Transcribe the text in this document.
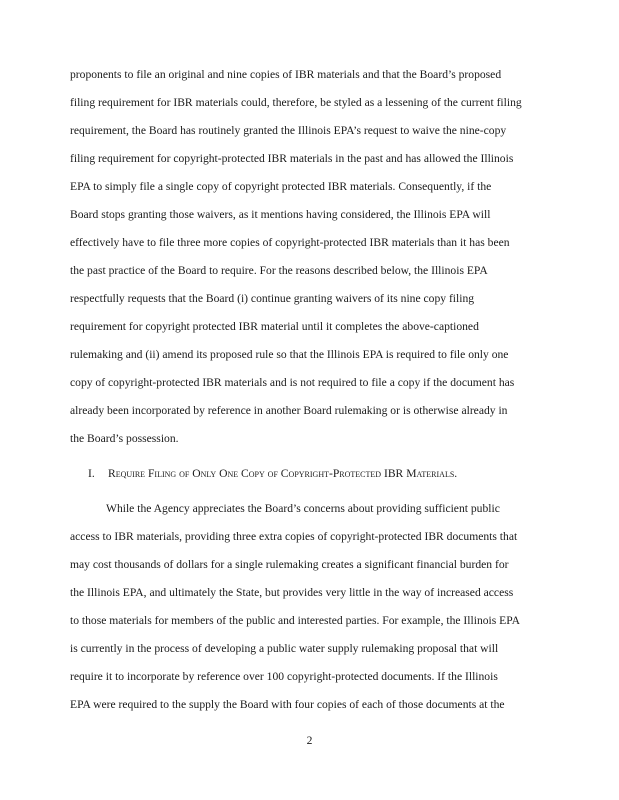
proponents to file an original and nine copies of IBR materials and that the Board’s proposed
filing requirement for IBR materials could, therefore, be styled as a lessening of the current filing
requirement, the Board has routinely granted the Illinois EPA’s request to waive the nine-copy
filing requirement for copyright-protected IBR materials in the past and has allowed the Illinois
EPA to simply file a single copy of copyright protected IBR materials. Consequently, if the
Board stops granting those waivers, as it mentions having considered, the Illinois EPA will
effectively have to file three more copies of copyright-protected IBR materials than it has been
the past practice of the Board to require. For the reasons described below, the Illinois EPA
respectfully requests that the Board (i) continue granting waivers of its nine copy filing
requirement for copyright protected IBR material until it completes the above-captioned
rulemaking and (ii) amend its proposed rule so that the Illinois EPA is required to file only one
copy of copyright-protected IBR materials and is not required to file a copy if the document has
already been incorporated by reference in another Board rulemaking or is otherwise already in
the Board’s possession.
I. Require Filing of Only One Copy of Copyright-Protected IBR Materials.
While the Agency appreciates the Board’s concerns about providing sufficient public
access to IBR materials, providing three extra copies of copyright-protected IBR documents that
may cost thousands of dollars for a single rulemaking creates a significant financial burden for
the Illinois EPA, and ultimately the State, but provides very little in the way of increased access
to those materials for members of the public and interested parties. For example, the Illinois EPA
is currently in the process of developing a public water supply rulemaking proposal that will
require it to incorporate by reference over 100 copyright-protected documents. If the Illinois
EPA were required to the supply the Board with four copies of each of those documents at the
2
